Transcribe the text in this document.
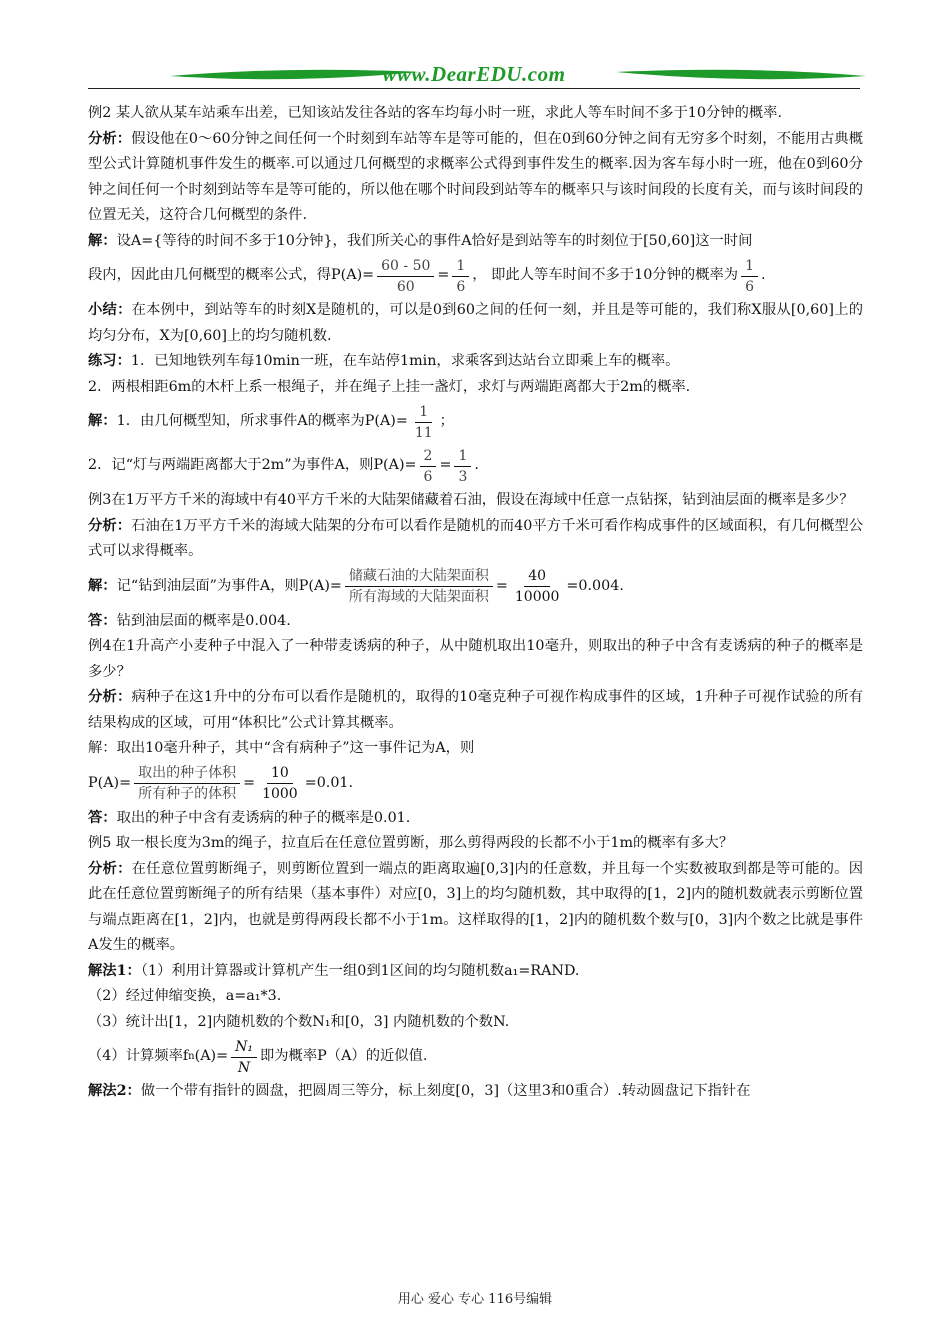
www.DearEDU.com

例2 某人欲从某车站乘车出差，已知该站发往各站的客车均每小时一班，求此人等车时间不多于10分钟的概率.

分析：假设他在0～60分钟之间任何一个时刻到车站等车是等可能的，但在0到60分钟之间有无穷多个时刻，不能用古典概型公式计算随机事件发生的概率.可以通过几何概型的求概率公式得到事件发生的概率.因为客车每小时一班，他在0到60分钟之间任何一个时刻到站等车是等可能的，所以他在哪个时间段到站等车的概率只与该时间段的长度有关，而与该时间段的位置无关，这符合几何概型的条件.

解：设A={等待的时间不多于10分钟}，我们所关心的事件A恰好是到站等车的时刻位于[50,60]这一时间

段内，因此由几何概型的概率公式，得$P(A)= \frac{60 - 50}{60} = \frac{1}{6}$ ， 即此人等车时间不多于10分钟的概率为 $\frac{1}{6}$ .

小结：在本例中，到站等车的时刻X是随机的，可以是0到60之间的任何一刻，并且是等可能的，我们称X服从[0,60]上的均匀分布，X为[0,60]上的均匀随机数.

练习：1．已知地铁列车每10min一班，在车站停1min，求乘客到达站台立即乘上车的概率。

2．两根相距6m的木杆上系一根绳子，并在绳子上挂一盏灯，求灯与两端距离都大于2m的概率.

解： 1．由几何概型知，所求事件A的概率为$P(A)= \frac{1}{11}$ ；
2．记“灯与两端距离都大于2m”为事件A，则$P(A)= \frac{2}{6} = \frac{1}{3}$ .

例3在1万平方千米的海域中有40平方千米的大陆架储藏着石油，假设在海域中任意一点钻探，钻到油层面的概率是多少？

分析：石油在1万平方千米的海域大陆架的分布可以看作是随机的而40平方千米可看作构成事件的区域面积，有几何概型公式可以求得概率。

解： 记“钻到油层面”为事件A，则$P(A)= \frac{\text{储藏石油的大陆架面积}}{\text{所有海域的大陆架面积}} = \frac{40}{10000} =0.004$.

答：钻到油层面的概率是0.004.

例4在1升高产小麦种子中混入了一种带麦诱病的种子，从中随机取出10毫升，则取出的种子中含有麦诱病的种子的概率是多少？

分析：病种子在这1升中的分布可以看作是随机的，取得的10毫克种子可视作构成事件的区域，1升种子可视作试验的所有结果构成的区域，可用“体积比”公式计算其概率。

解：取出10毫升种子，其中“含有病种子”这一事件记为A，则

$P(A)= \frac{\text{取出的种子体积}}{\text{所有种子的体积}} = \frac{10}{1000} =0.01$.

答：取出的种子中含有麦诱病的种子的概率是0.01.

例5 取一根长度为3m的绳子，拉直后在任意位置剪断，那么剪得两段的长都不小于1m的概率有多大？

分析：在任意位置剪断绳子，则剪断位置到一端点的距离取遍[0,3]内的任意数，并且每一个实数被取到都是等可能的。因此在任意位置剪断绳子的所有结果（基本事件）对应[0，3]上的均匀随机数，其中取得的[1，2]内的随机数就表示剪断位置与端点距离在[1，2]内，也就是剪得两段长都不小于1m。这样取得的[1，2]内的随机数个数与[0，3]内个数之比就是事件A发生的概率。

解法1：（1）利用计算器或计算机产生一组0到1区间的均匀随机数a₁=RAND.

（2）经过伸缩变换，a=a₁*3.

（3）统计出[1，2]内随机数的个数N₁和[0，3] 内随机数的个数N.

（4）计算频率f n $(A)= \frac{\text{N₁}}{N}$ 即为概率P（A）的近似值.

解法2：做一个带有指针的圆盘，把圆周三等分，标上刻度[0，3]（这里3和0重合）.转动圆盘记下指针在

用心 爱心 专心 116号编辑
